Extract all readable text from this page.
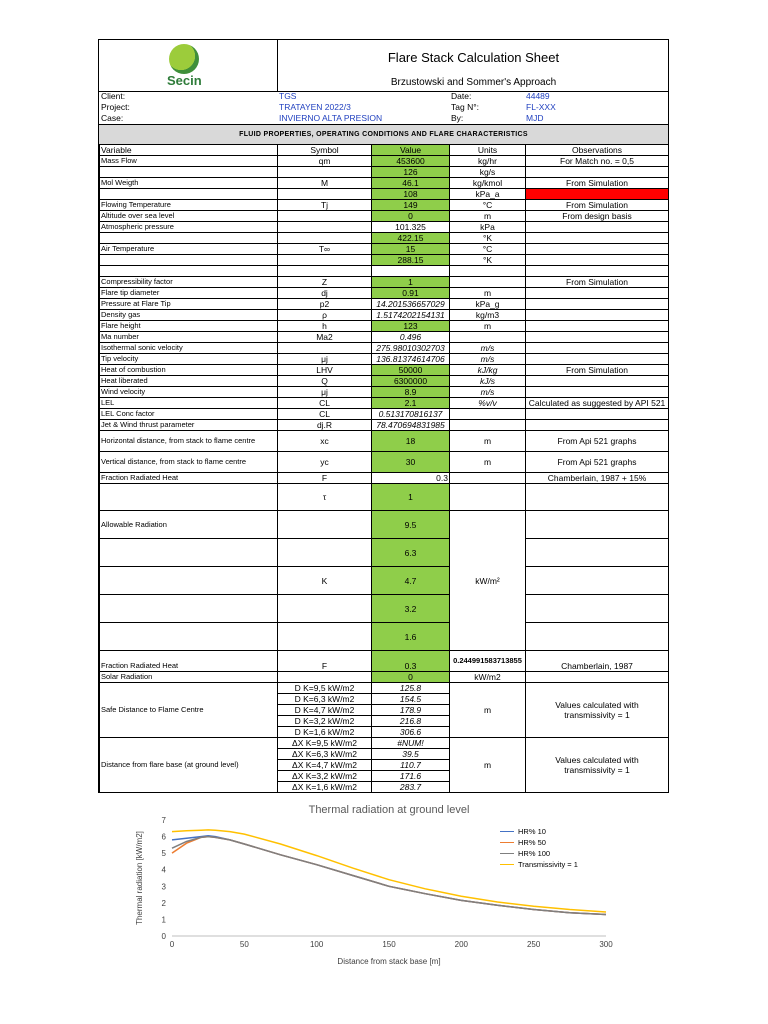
Secin
Flare Stack Calculation Sheet
Brzustowski and Sommer's Approach
Client:	TGS	Date:	44489
Project:	TRATAYEN 2022/3	Tag N°:	FL-XXX
Case:	INVIERNO ALTA PRESION	By:	MJD
FLUID PROPERTIES, OPERATING CONDITIONS AND FLARE CHARACTERISTICS
Variable	Symbol	Value	Units	Observations
Mass Flow	qm	453600	kg/hr	For Match no. = 0,5
		126	kg/s	
Mol Weigth	M	46.1	kg/kmol	From Simulation
		108	kPa_a	
Flowing Temperature	Tj	149	°C	From Simulation
Altitude over sea level		0	m	From design basis
Atmospheric pressure		101.325	kPa	
		422.15	°K	
Air Temperature	T∞	15	°C	
		288.15	°K	

Compressibility factor	Z	1		From Simulation
Flare tip diameter	dj	0.91	m	
Pressure at Flare Tip	p2	14.201536657029	kPa_g	
Density gas	ρ	1.5174202154131	kg/m3	
Flare height	h	123	m	
Ma number	Ma2	0.496		
Isothermal sonic velocity		275.98010302703	m/s	
Tip velocity	μj	136.81374614706	m/s	
Heat of combustion	LHV	50000	kJ/kg	From Simulation
Heat liberated	Q	6300000	kJ/s	
Wind velocity	μj	8.9	m/s	
LEL	CL	2.1	%v/v	Calculated as suggested by API 521
LEL Conc factor	CL	0.513170816137		
Jet & Wind thrust parameter	dj.R	78.470694831985		
Horizontal distance, from stack to flame centre	xc	18	m	From Api 521 graphs
Vertical distance, from stack to flame centre	yc	30	m	From Api 521 graphs
Fraction Radiated Heat	F	0.3		Chamberlain, 1987 + 15%
	τ	1		
Allowable Radiation		9.5	kW/m²	
		6.3		
	K	4.7		
		3.2		
		1.6		
Fraction Radiated Heat	F	0.3	0.244991583713855	Chamberlain, 1987
Solar Radiation		0	kW/m2	
Safe Distance to Flame Centre	D K=9,5 kW/m2	125.8	m	Values calculated with
transmissivity = 1

	D K=6,3 kW/m2	154.5		
	D K=4,7 kW/m2	178.9		
	D K=3,2 kW/m2	216.8		
	D K=1,6 kW/m2	306.6		
Distance from flare base (at ground level)	ΔX K=9,5 kW/m2	#NUM!	m	Values calculated with
transmissivity = 1

	ΔX K=6,3 kW/m2	39.5		
	ΔX K=4,7 kW/m2	110.7		
	ΔX K=3,2 kW/m2	171.6		
	ΔX K=1,6 kW/m2	283.7		
Thermal radiation at ground level
0
1
2
3
4
5
6
7
0	50	100	150	200	250	300
Distance from stack base [m]
Thermal radiation [kW/m2]	HR% 10
HR% 50
HR% 100
Transmissivity = 1
